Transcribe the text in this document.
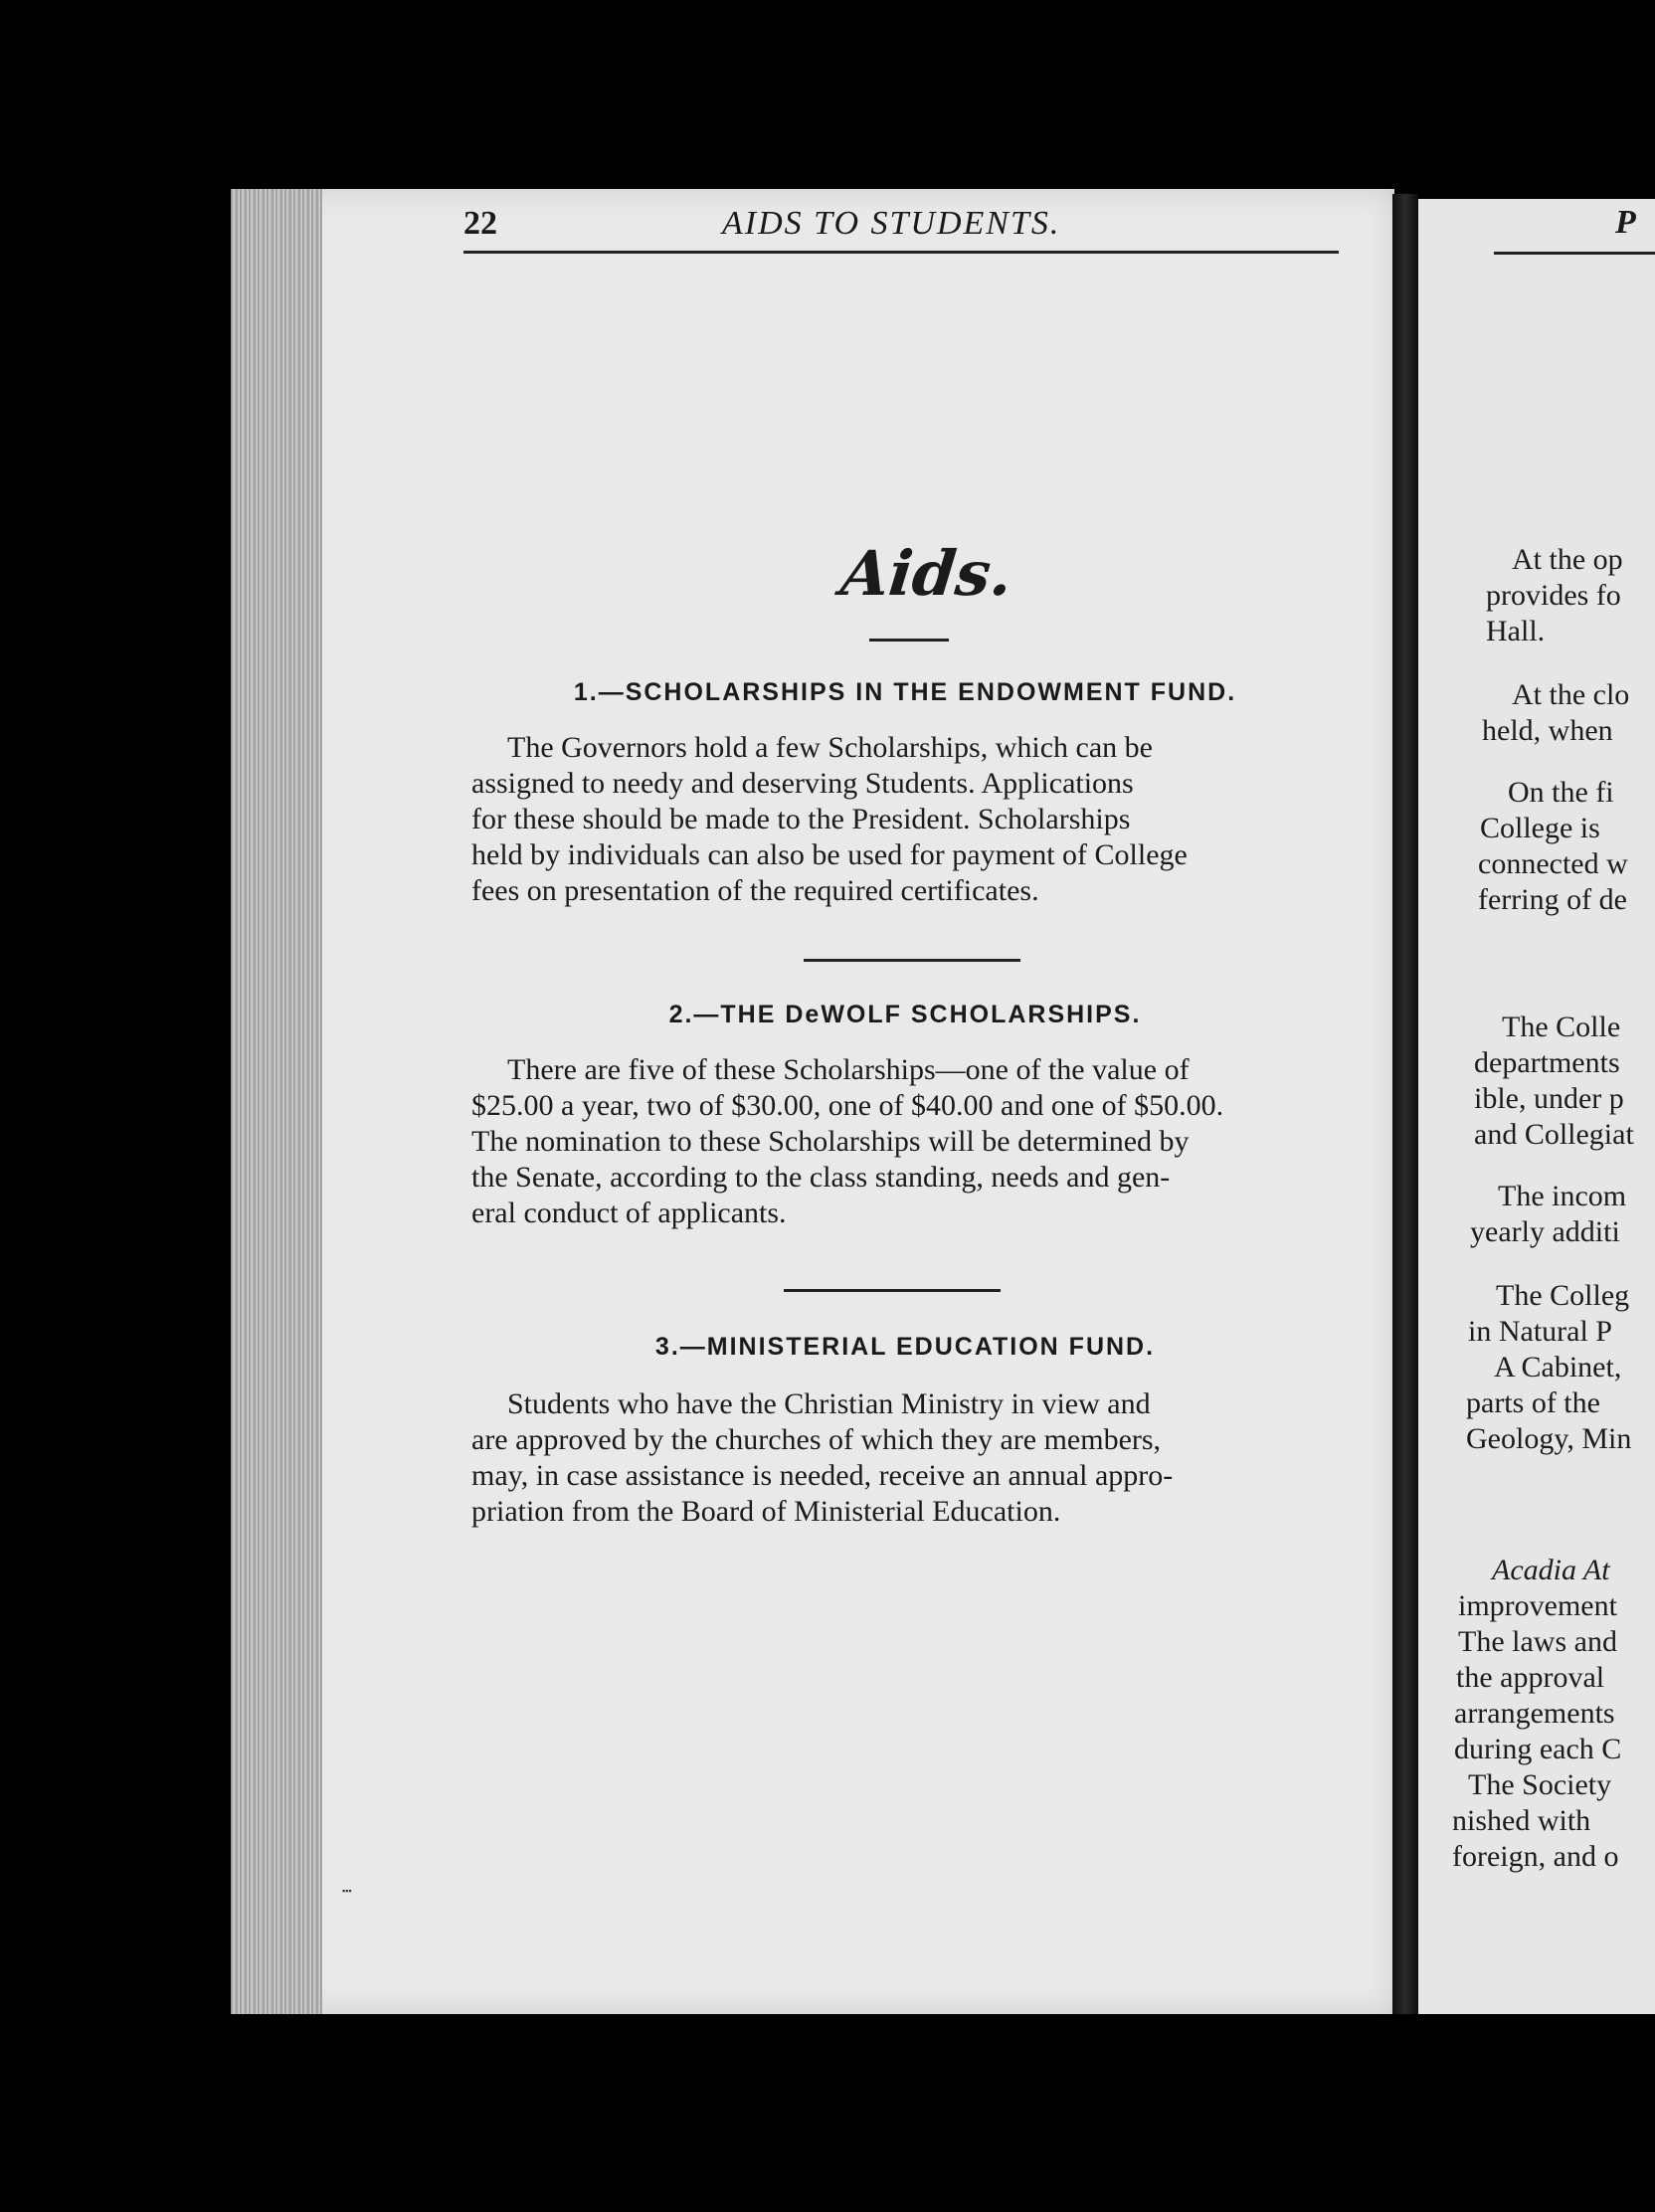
22	AIDS TO STUDENTS.
Aids.
1.—SCHOLARSHIPS IN THE ENDOWMENT FUND.
The Governors hold a few Scholarships, which can be
assigned to needy and deserving Students. Applications
for these should be made to the President. Scholarships
held by individuals can also be used for payment of College
fees on presentation of the required certificates.
2.—THE DeWOLF SCHOLARSHIPS.
There are five of these Scholarships—one of the value of
$25.00 a year, two of $30.00, one of $40.00 and one of $50.00.
The nomination to these Scholarships will be determined by
the Senate, according to the class standing, needs and gen-
eral conduct of applicants.
3.—MINISTERIAL EDUCATION FUND.
Students who have the Christian Ministry in view and
are approved by the churches of which they are members,
may, in case assistance is needed, receive an annual appro-
priation from the Board of Ministerial Education.
▪▪▪
P
At the op
provides fo
Hall.
At the clo
held, when
On the fi
College is
connected w
ferring of de
The Colle
departments
ible, under p
and Collegiat
The incom
yearly additi
The Colleg
in Natural P
A Cabinet,
parts of the
Geology, Min
Acadia At
improvement
The laws and
the approval
arrangements
during each C
The Society
nished with
foreign, and o
